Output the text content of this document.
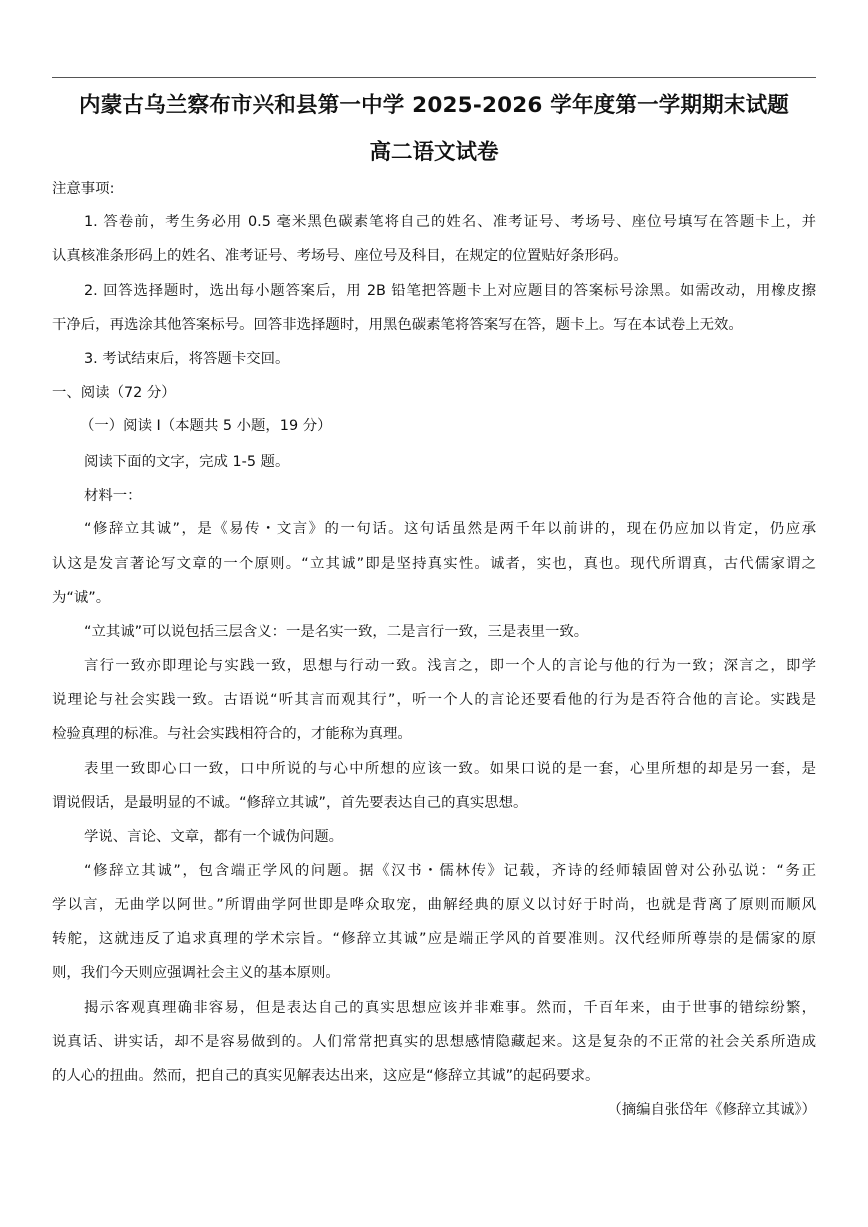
内蒙古乌兰察布市兴和县第一中学 2025-2026 学年度第一学期期末试题
高二语文试卷
注意事项:
1. 答卷前，考生务必用 0.5 毫米黑色碳素笔将自己的姓名、准考证号、考场号、座位号填写在答题卡上，并
认真核准条形码上的姓名、准考证号、考场号、座位号及科目，在规定的位置贴好条形码。
2. 回答选择题时，选出每小题答案后，用 2B 铅笔把答题卡上对应题目的答案标号涂黑。如需改动，用橡皮擦
干净后，再选涂其他答案标号。回答非选择题时，用黑色碳素笔将答案写在答，题卡上。写在本试卷上无效。
3. 考试结束后，将答题卡交回。
一、阅读（72 分）
（一）阅读 I（本题共 5 小题，19 分）
阅读下面的文字，完成 1-5 题。
材料一：
“修辞立其诚”，是《易传・文言》的一句话。这句话虽然是两千年以前讲的，现在仍应加以肯定，仍应承
认这是发言著论写文章的一个原则。“立其诚”即是坚持真实性。诚者，实也，真也。现代所谓真，古代儒家谓之
为“诚”。
“立其诚”可以说包括三层含义：一是名实一致，二是言行一致，三是表里一致。
言行一致亦即理论与实践一致，思想与行动一致。浅言之，即一个人的言论与他的行为一致；深言之，即学
说理论与社会实践一致。古语说“听其言而观其行”，听一个人的言论还要看他的行为是否符合他的言论。实践是
检验真理的标准。与社会实践相符合的，才能称为真理。
表里一致即心口一致，口中所说的与心中所想的应该一致。如果口说的是一套，心里所想的却是另一套，是
谓说假话，是最明显的不诚。“修辞立其诚”，首先要表达自己的真实思想。
学说、言论、文章，都有一个诚伪问题。
“修辞立其诚”，包含端正学风的问题。据《汉书・儒林传》记载，齐诗的经师辕固曾对公孙弘说：“务正
学以言，无曲学以阿世。”所谓曲学阿世即是哗众取宠，曲解经典的原义以讨好于时尚，也就是背离了原则而顺风
转舵，这就违反了追求真理的学术宗旨。“修辞立其诚”应是端正学风的首要准则。汉代经师所尊崇的是儒家的原
则，我们今天则应强调社会主义的基本原则。
揭示客观真理确非容易，但是表达自己的真实思想应该并非难事。然而，千百年来，由于世事的错综纷繁，
说真话、讲实话，却不是容易做到的。人们常常把真实的思想感情隐藏起来。这是复杂的不正常的社会关系所造成
的人心的扭曲。然而，把自己的真实见解表达出来，这应是“修辞立其诚”的起码要求。
（摘编自张岱年《修辞立其诚》）
